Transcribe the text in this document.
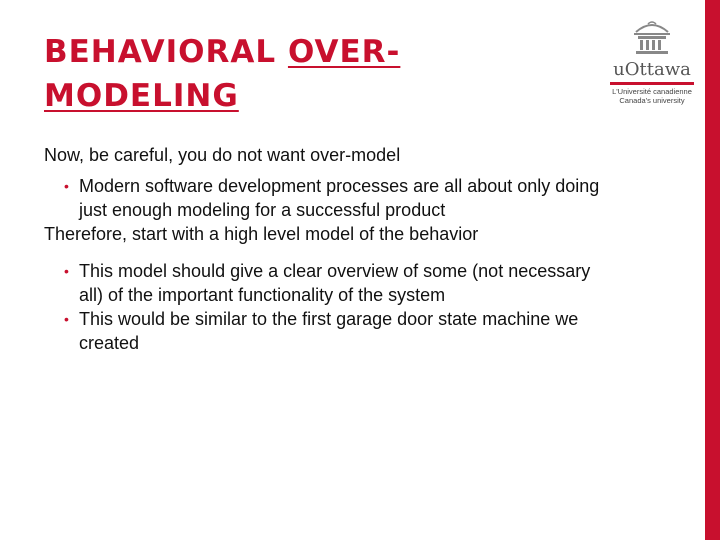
BEHAVIORAL OVER-
MODELING
uOttawa
L'Université canadienne
Canada's university

Now, be careful, you do not want over-model

• Modern software development processes are all about only doing just enough modeling for a successful product

Therefore, start with a high level model of the behavior

• This model should give a clear overview of some (not necessary all) of the important functionality of the system

• This would be similar to the first garage door state machine we created
